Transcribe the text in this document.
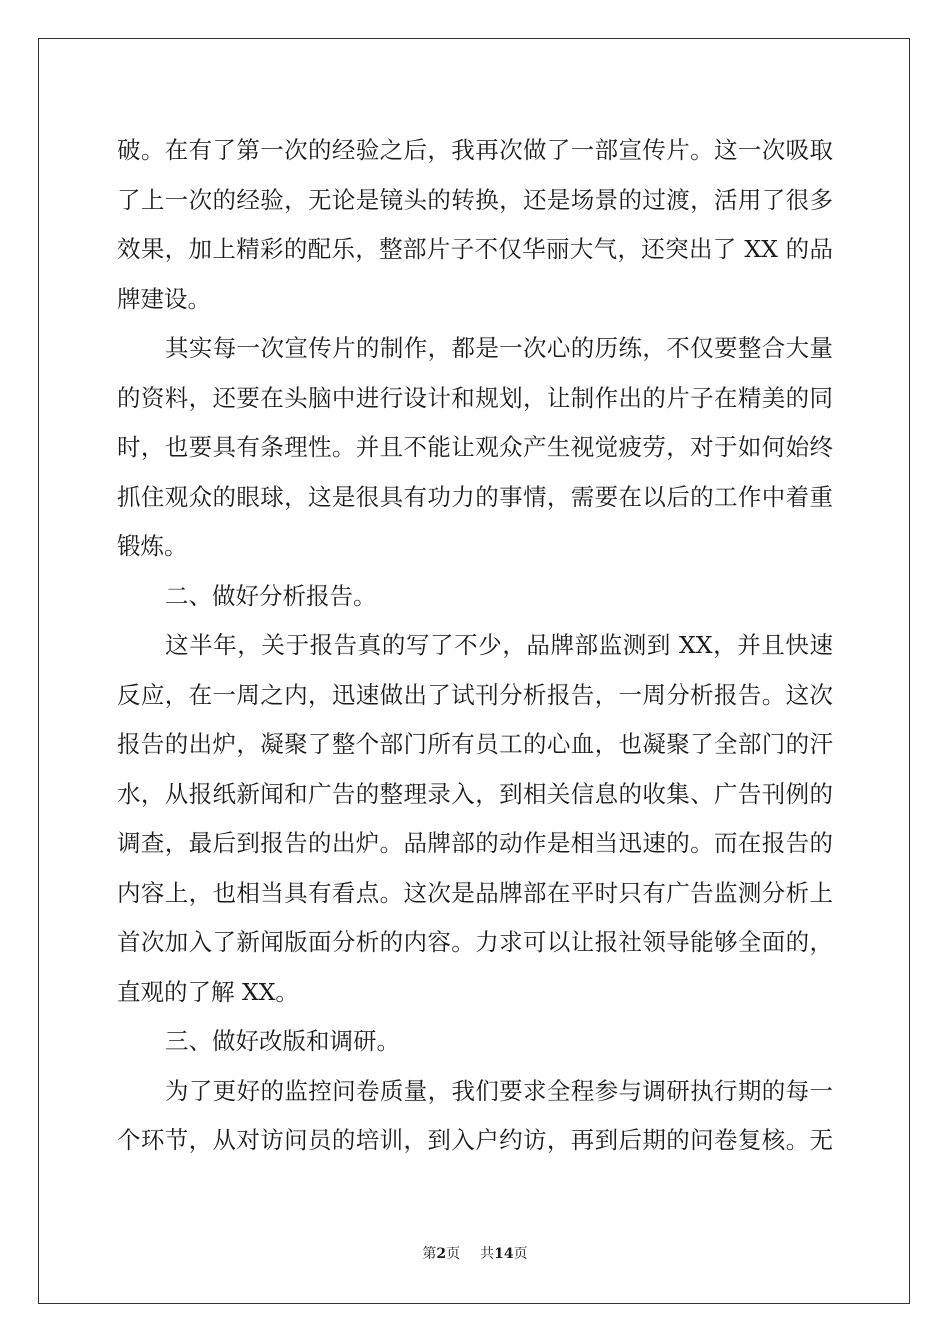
破。在有了第一次的经验之后，我再次做了一部宣传片。这一次吸取
了上一次的经验，无论是镜头的转换，还是场景的过渡，活用了很多
效果，加上精彩的配乐，整部片子不仅华丽大气，还突出了 XX 的品
牌建设。
其实每一次宣传片的制作，都是一次心的历练，不仅要整合大量
的资料，还要在头脑中进行设计和规划，让制作出的片子在精美的同
时，也要具有条理性。并且不能让观众产生视觉疲劳，对于如何始终
抓住观众的眼球，这是很具有功力的事情，需要在以后的工作中着重
锻炼。
二、做好分析报告。
这半年，关于报告真的写了不少，品牌部监测到 XX，并且快速
反应，在一周之内，迅速做出了试刊分析报告，一周分析报告。这次
报告的出炉，凝聚了整个部门所有员工的心血，也凝聚了全部门的汗
水，从报纸新闻和广告的整理录入，到相关信息的收集、广告刊例的
调查，最后到报告的出炉。品牌部的动作是相当迅速的。而在报告的
内容上，也相当具有看点。这次是品牌部在平时只有广告监测分析上
首次加入了新闻版面分析的内容。力求可以让报社领导能够全面的，
直观的了解 XX。
三、做好改版和调研。
为了更好的监控问卷质量，我们要求全程参与调研执行期的每一
个环节，从对访问员的培训，到入户约访，再到后期的问卷复核。无
第2页 共14页
